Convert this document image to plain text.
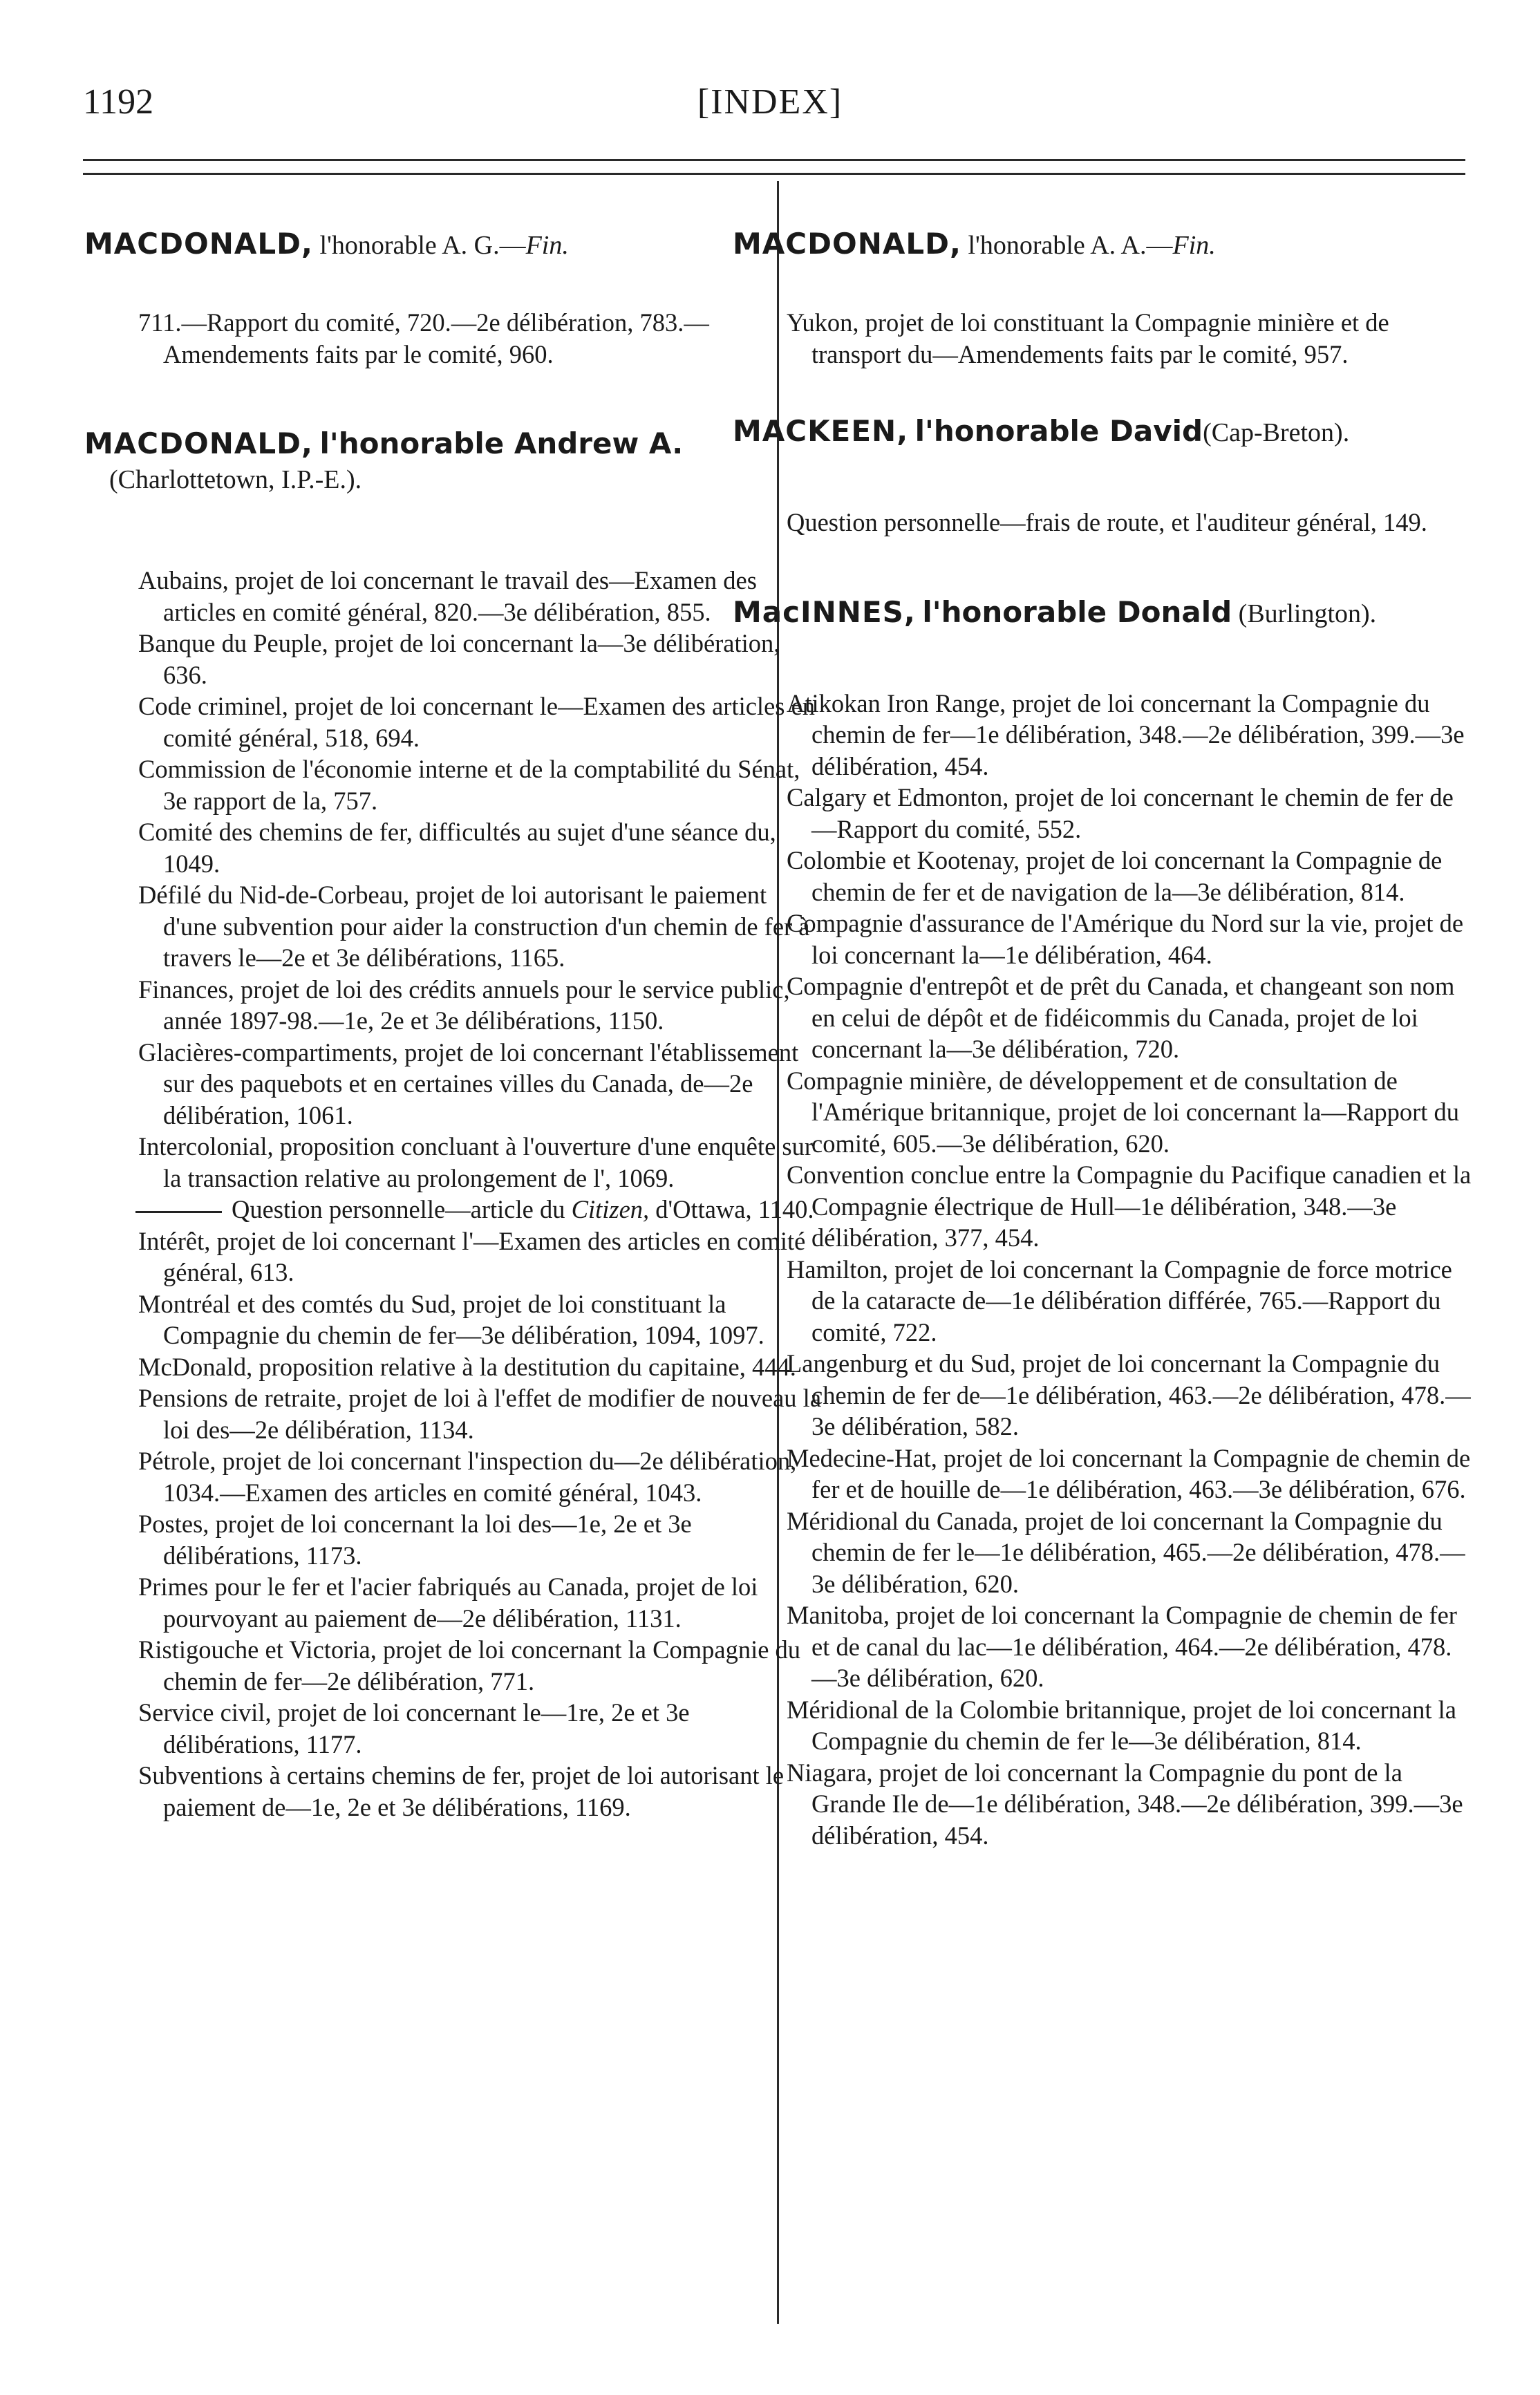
1192	[INDEX]

MACDONALD, l'honorable A. G.—Fin.

711.—Rapport du comité, 720.—2e délibération, 783.—Amendements faits par le comité, 960.

MACDONALD, l'honorable Andrew A.
(Charlottetown, I.P.-E.).

Aubains, projet de loi concernant le travail des—Examen des articles en comité général, 820.—3e délibération, 855.

Banque du Peuple, projet de loi concernant la—3e délibération, 636.

Code criminel, projet de loi concernant le—Examen des articles en comité général, 518, 694.

Commission de l'économie interne et de la comptabilité du Sénat, 3e rapport de la, 757.

Comité des chemins de fer, difficultés au sujet d'une séance du, 1049.

Défilé du Nid-de-Corbeau, projet de loi autorisant le paiement d'une subvention pour aider la construction d'un chemin de fer à travers le—2e et 3e délibérations, 1165.

Finances, projet de loi des crédits annuels pour le service public, année 1897-98.—1e, 2e et 3e délibérations, 1150.

Glacières-compartiments, projet de loi concernant l'établissement sur des paquebots et en certaines villes du Canada, de—2e délibération, 1061.

Intercolonial, proposition concluant à l'ouverture d'une enquête sur la transaction relative au prolongement de l', 1069.

Question personnelle—article du Citizen, d'Ottawa, 1140.

Intérêt, projet de loi concernant l'—Examen des articles en comité général, 613.

Montréal et des comtés du Sud, projet de loi constituant la Compagnie du chemin de fer—3e délibération, 1094, 1097.

McDonald, proposition relative à la destitution du capitaine, 444.

Pensions de retraite, projet de loi à l'effet de modifier de nouveau la loi des—2e délibération, 1134.

Pétrole, projet de loi concernant l'inspection du—2e délibération, 1034.—Examen des articles en comité général, 1043.

Postes, projet de loi concernant la loi des—1e, 2e et 3e délibérations, 1173.

Primes pour le fer et l'acier fabriqués au Canada, projet de loi pourvoyant au paiement de—2e délibération, 1131.

Ristigouche et Victoria, projet de loi concernant la Compagnie du chemin de fer—2e délibération, 771.

Service civil, projet de loi concernant le—1re, 2e et 3e délibérations, 1177.

Subventions à certains chemins de fer, projet de loi autorisant le paiement de—1e, 2e et 3e délibérations, 1169.

MACDONALD, l'honorable A. A.—Fin.

Yukon, projet de loi constituant la Compagnie minière et de transport du—Amendements faits par le comité, 957.

MACKEEN, l'honorable David(Cap-Breton).

Question personnelle—frais de route, et l'auditeur général, 149.

MacINNES, l'honorable Donald (Burlington).

Atikokan Iron Range, projet de loi concernant la Compagnie du chemin de fer—1e délibération, 348.—2e délibération, 399.—3e délibération, 454.

Calgary et Edmonton, projet de loi concernant le chemin de fer de—Rapport du comité, 552.

Colombie et Kootenay, projet de loi concernant la Compagnie de chemin de fer et de navigation de la—3e délibération, 814.

Compagnie d'assurance de l'Amérique du Nord sur la vie, projet de loi concernant la—1e délibération, 464.

Compagnie d'entrepôt et de prêt du Canada, et changeant son nom en celui de dépôt et de fidéicommis du Canada, projet de loi concernant la—3e délibération, 720.

Compagnie minière, de développement et de consultation de l'Amérique britannique, projet de loi concernant la—Rapport du comité, 605.—3e délibération, 620.

Convention conclue entre la Compagnie du Pacifique canadien et la Compagnie électrique de Hull—1e délibération, 348.—3e délibération, 377, 454.

Hamilton, projet de loi concernant la Compagnie de force motrice de la cataracte de—1e délibération différée, 765.—Rapport du comité, 722.

Langenburg et du Sud, projet de loi concernant la Compagnie du chemin de fer de—1e délibération, 463.—2e délibération, 478.—3e délibération, 582.

Medecine-Hat, projet de loi concernant la Compagnie de chemin de fer et de houille de—1e délibération, 463.—3e délibération, 676.

Méridional du Canada, projet de loi concernant la Compagnie du chemin de fer le—1e délibération, 465.—2e délibération, 478.—3e délibération, 620.

Manitoba, projet de loi concernant la Compagnie de chemin de fer et de canal du lac—1e délibération, 464.—2e délibération, 478.—3e délibération, 620.

Méridional de la Colombie britannique, projet de loi concernant la Compagnie du chemin de fer le—3e délibération, 814.

Niagara, projet de loi concernant la Compagnie du pont de la Grande Ile de—1e délibération, 348.—2e délibération, 399.—3e délibération, 454.
